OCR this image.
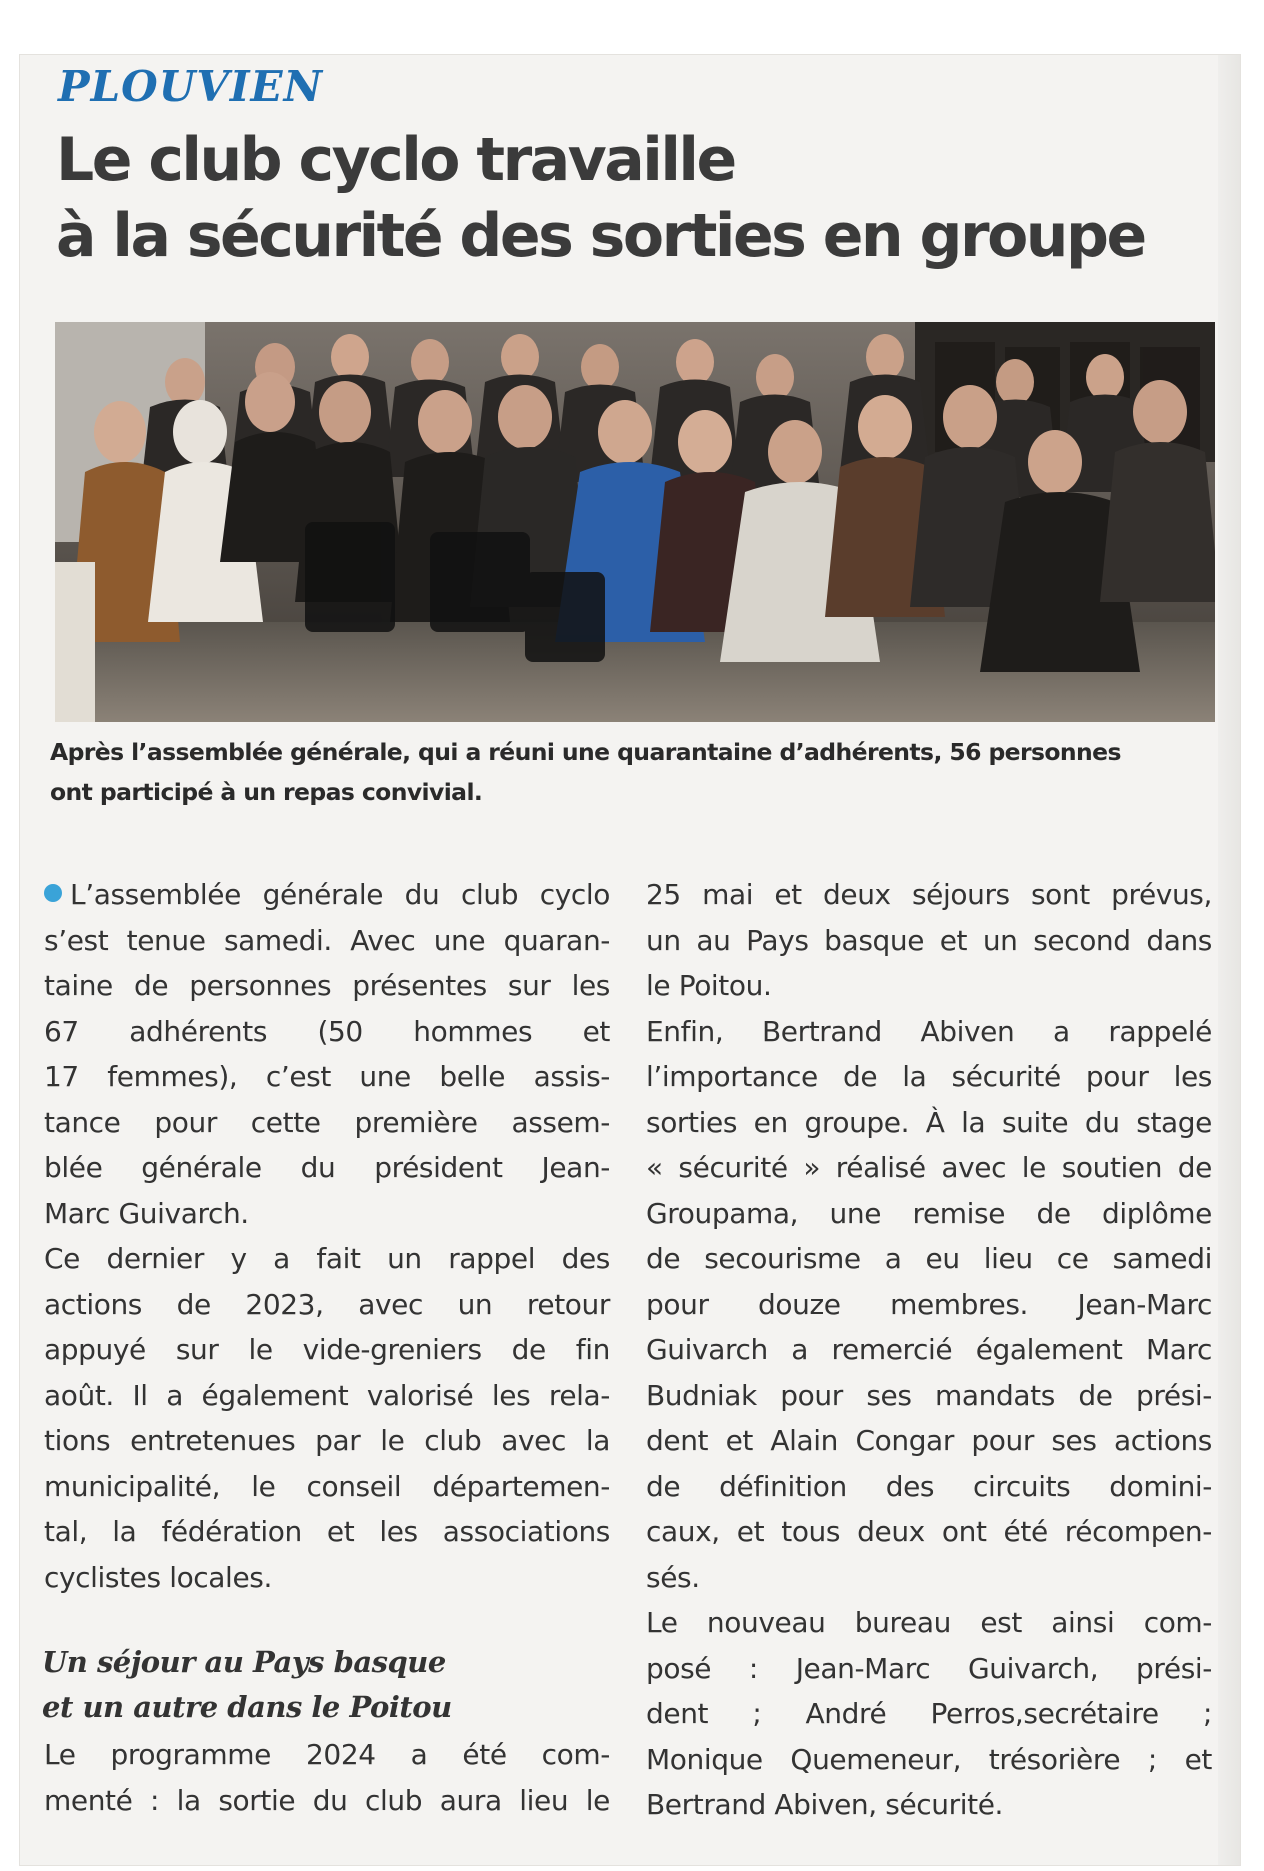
PLOUVIEN
Le club cyclo travaille
à la sécurité des sorties en groupe

Après l’assemblée générale, qui a réuni une quarantaine d’adhérents, 56 personnes
ont participé à un repas convivial.

L’assemblée générale du club cyclo
s’est tenue samedi. Avec une quaran-
taine de personnes présentes sur les
67 adhérents (50 hommes et
17 femmes), c’est une belle assis-
tance pour cette première assem-
blée générale du président Jean-
Marc Guivarch.
Ce dernier y a fait un rappel des
actions de 2023, avec un retour
appuyé sur le vide-greniers de fin
août. Il a également valorisé les rela-
tions entretenues par le club avec la
municipalité, le conseil départemen-
tal, la fédération et les associations
cyclistes locales.
Un séjour au Pays basque
et un autre dans le Poitou
Le programme 2024 a été com-
menté : la sortie du club aura lieu le
25 mai et deux séjours sont prévus,
un au Pays basque et un second dans
le Poitou.
Enfin, Bertrand Abiven a rappelé
l’importance de la sécurité pour les
sorties en groupe. À la suite du stage
« sécurité » réalisé avec le soutien de
Groupama, une remise de diplôme
de secourisme a eu lieu ce samedi
pour douze membres. Jean-Marc
Guivarch a remercié également Marc
Budniak pour ses mandats de prési-
dent et Alain Congar pour ses actions
de définition des circuits domini-
caux, et tous deux ont été récompen-
sés.
Le nouveau bureau est ainsi com-
posé : Jean-Marc Guivarch, prési-
dent ; André Perros,secrétaire ;
Monique Quemeneur, trésorière ; et
Bertrand Abiven, sécurité.
